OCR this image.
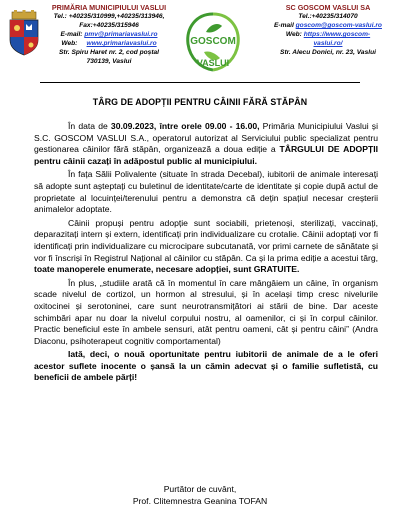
PRIMĂRIA MUNICIPIULUI VASLUI
Tel.: +40235/310999,+40235/313946,
Fax:+40235/315946
E-mail: pmv@primariavaslui.ro
Web: www.primariavaslui.ro
Str. Spiru Haret nr. 2, cod poștal
730139, Vaslui
GOSCOM
VASLUI
SC GOSCOM VASLUI SA
Tel.:+40235/314070
E-mail goscom@goscom-vaslui.ro
Web: https://www.goscom-
vaslui.ro/
Str. Alecu Donici, nr. 23, Vaslui
TÂRG DE ADOPȚII PENTRU CÂINII FĂRĂ STĂPÂN

În data de 30.09.2023, între orele 09.00 - 16.00, Primăria Municipiului Vaslui și S.C. GOSCOM VASLUI S.A., operatorul autorizat al Serviciului public specializat pentru gestionarea câinilor fără stăpân, organizează a doua ediție a TÂRGULUI DE ADOPȚII pentru câinii cazați în adăpostul public al municipiului.

În fața Sălii Polivalente (situate în strada Decebal), iubitorii de animale interesați să adopte sunt așteptați cu buletinul de identitate/carte de identitate și copie după actul de proprietate al locuinței/terenului pentru a demonstra că dețin spațiul necesar creșterii animalelor adoptate.

Câinii propuși pentru adopție sunt sociabili, prietenoși, sterilizați, vaccinați, deparazitați intern și extern, identificați prin individualizare cu crotalie. Câinii adoptați vor fi identificați prin individualizare cu microcipare subcutanată, vor primi carnete de sănătate și vor fi înscriși în Registrul Național al câinilor cu stăpân. Ca și la prima ediție a acestui târg, toate manoperele enumerate, necesare adopției, sunt GRATUITE.

În plus, „studiile arată că în momentul în care mângâiem un câine, în organism scade nivelul de cortizol, un hormon al stresului, și în același timp cresc nivelurile oxitocinei și serotoninei, care sunt neurotransmițători ai stării de bine. Dar aceste schimbări apar nu doar la nivelul corpului nostru, al oamenilor, ci și în corpul câinilor. Practic beneficiul este în ambele sensuri, atât pentru oameni, cât și pentru câini” (Andra Diaconu, psihoterapeut cognitiv comportamental)

Iată, deci, o nouă oportunitate pentru iubitorii de animale de a le oferi acestor suflete inocente o șansă la un cămin adecvat și o familie sufletistă, cu beneficii de ambele părți!

Purtător de cuvânt,
Prof. Clitemnestra Geanina TOFAN
